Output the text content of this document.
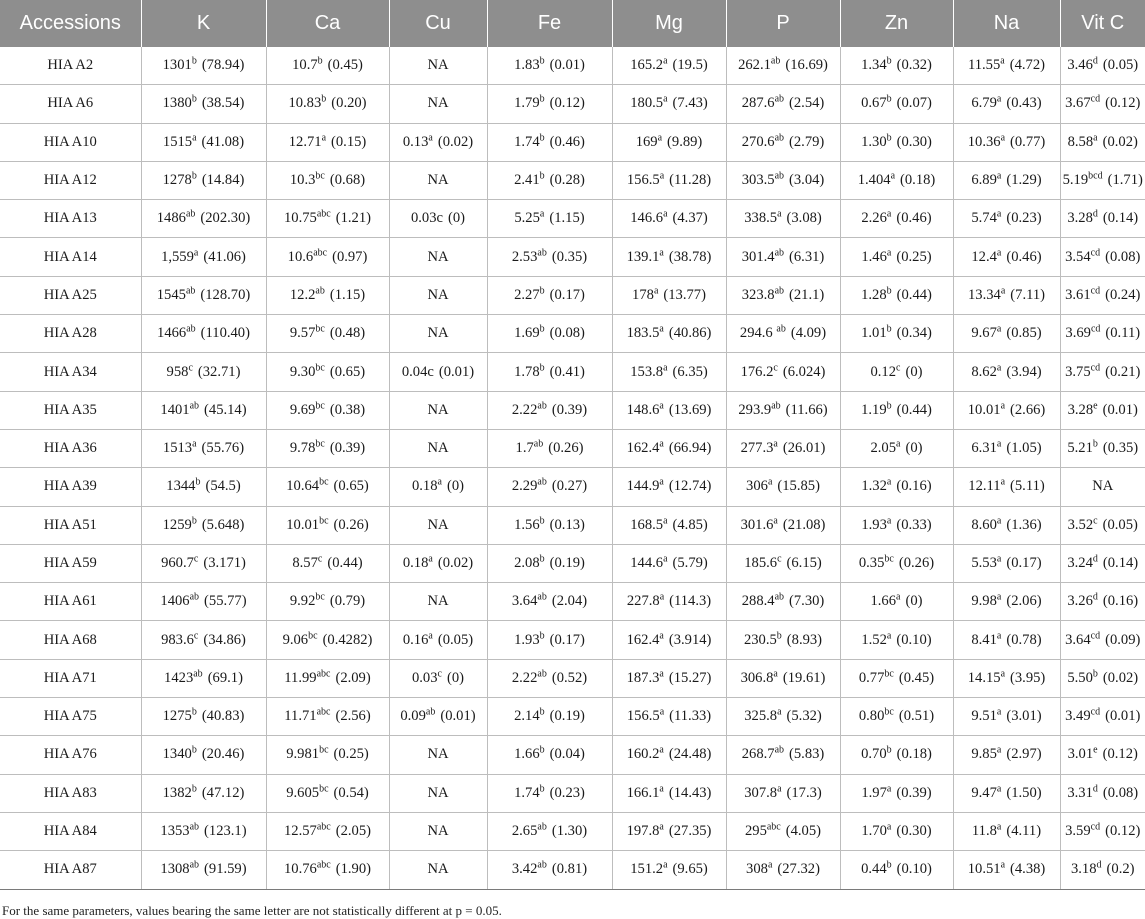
Accessions	K	Ca	Cu	Fe	Mg	P	Zn	Na	Vit C
HIA A2	1301$^b$ (78.94)	10.7$^b$ (0.45)	NA	1.83$^b$ (0.01)	165.2$^a$ (19.5)	262.1$^{ab}$ (16.69)	1.34$^b$ (0.32)	11.55$^a$ (4.72)	3.46$^d$ (0.05)
HIA A6	1380$^b$ (38.54)	10.83$^b$ (0.20)	NA	1.79$^b$ (0.12)	180.5$^a$ (7.43)	287.6$^{ab}$ (2.54)	0.67$^b$ (0.07)	6.79$^a$ (0.43)	3.67$^{cd}$ (0.12)
HIA A10	1515$^a$ (41.08)	12.71$^a$ (0.15)	0.13$^a$ (0.02)	1.74$^b$ (0.46)	169$^a$ (9.89)	270.6$^{ab}$ (2.79)	1.30$^b$ (0.30)	10.36$^a$ (0.77)	8.58$^a$ (0.02)
HIA A12	1278$^b$ (14.84)	10.3$^{bc}$ (0.68)	NA	2.41$^b$ (0.28)	156.5$^a$ (11.28)	303.5$^{ab}$ (3.04)	1.404$^a$ (0.18)	6.89$^a$ (1.29)	5.19$^{bcd}$ (1.71)
HIA A13	$1486^{ab}$ (202.30)	10.75$^{abc}$ (1.21)	0.03c (0)	5.25$^a$ (1.15)	146.6$^a$ (4.37)	338.5$^a$ (3.08)	2.26$^a$ (0.46)	5.74$^a$ (0.23)	3.28$^d$ (0.14)
HIA A14	1,559$^a$ (41.06)	10.6$^{abc}$ (0.97)	NA	2.53$^{ab}$ (0.35)	139.1$^a$ (38.78)	301.4$^{ab}$ (6.31)	1.46$^a$ (0.25)	12.4$^a$ (0.46)	3.54$^{cd}$ (0.08)
HIA A25	$1545^{ab}$ (128.70)	12.2$^{ab}$ (1.15)	NA	2.27$^b$ (0.17)	178$^a$ (13.77)	323.8$^{ab}$ (21.1)	1.28$^b$ (0.44)	13.34$^a$ (7.11)	3.61$^{cd}$ (0.24)
HIA A28	$1466^{ab}$ (110.40)	9.57$^{bc}$ (0.48)	NA	1.69$^b$ (0.08)	183.5$^a$ (40.86)	294.6 $^{ab}$ (4.09)	1.01$^b$ (0.34)	9.67$^a$ (0.85)	3.69$^{cd}$ (0.11)
HIA A34	958$^c$ (32.71)	9.30$^{bc}$ (0.65)	0.04c (0.01)	1.78$^b$ (0.41)	153.8$^a$ (6.35)	176.2$^c$ (6.024)	0.12$^c$ (0)	8.62$^a$ (3.94)	3.75$^{cd}$ (0.21)
HIA A35	$1401^{ab}$ (45.14)	9.69$^{bc}$ (0.38)	NA	2.22$^{ab}$ (0.39)	148.6$^a$ (13.69)	293.9$^{ab}$ (11.66)	1.19$^b$ (0.44)	10.01$^a$ (2.66)	3.28e (0.01)
HIA A36	1513$^a$ (55.76)	9.78$^{bc}$ (0.39)	NA	1.7$^{ab}$ (0.26)	162.4$^a$ (66.94)	277.3$^a$ (26.01)	2.05$^a$ (0)	6.31$^a$ (1.05)	5.21$^b$ (0.35)
HIA A39	1344$^b$ (54.5)	10.64$^{bc}$ (0.65)	0.18$^a$ (0)	2.29$^{ab}$ (0.27)	144.9$^a$ (12.74)	306$^a$ (15.85)	1.32$^a$ (0.16)	12.11$^a$ (5.11)	NA
HIA A51	1259$^b$ (5.648)	10.01$^{bc}$ (0.26)	NA	1.56$^b$ (0.13)	168.5$^a$ (4.85)	301.6$^a$ (21.08)	1.93$^a$ (0.33)	8.60$^a$ (1.36)	3.52$^c$ (0.05)
HIA A59	960.7$^c$ (3.171)	8.57$^c$ (0.44)	0.18$^a$ (0.02)	2.08$^b$ (0.19)	144.6$^a$ (5.79)	185.6$^c$ (6.15)	0.35$^{bc}$ (0.26)	5.53$^a$ (0.17)	3.24$^d$ (0.14)
HIA A61	$1406^{ab}$ (55.77)	9.92$^{bc}$ (0.79)	NA	3.64$^{ab}$ (2.04)	227.8$^a$ (114.3)	288.4$^{ab}$ (7.30)	1.66$^a$ (0)	9.98$^a$ (2.06)	3.26$^d$ (0.16)
HIA A68	983.6$^c$ (34.86)	9.06$^{bc}$ (0.4282)	0.16$^a$ (0.05)	1.93$^b$ (0.17)	162.4$^a$ (3.914)	230.5$^b$ (8.93)	1.52$^a$ (0.10)	8.41$^a$ (0.78)	3.64$^{cd}$ (0.09)
HIA A71	$1423^{ab}$ (69.1)	11.99$^{abc}$ (2.09)	0.03$^c$ (0)	2.22$^{ab}$ (0.52)	187.3$^a$ (15.27)	306.8$^a$ (19.61)	0.77$^{bc}$ (0.45)	14.15$^a$ (3.95)	5.50$^b$ (0.02)
HIA A75	1275$^b$ (40.83)	11.71$^{abc}$ (2.56)	0.09$^{ab}$ (0.01)	2.14$^b$ (0.19)	156.5$^a$ (11.33)	325.8$^a$ (5.32)	0.80$^{bc}$ (0.51)	9.51$^a$ (3.01)	3.49$^{cd}$ (0.01)
HIA A76	1340$^b$ (20.46)	9.981$^{bc}$ (0.25)	NA	1.66$^b$ (0.04)	160.2$^a$ (24.48)	268.7$^{ab}$ (5.83)	0.70$^b$ (0.18)	9.85$^a$ (2.97)	3.01e (0.12)
HIA A83	1382$^b$ (47.12)	9.605$^{bc}$ (0.54)	NA	1.74$^b$ (0.23)	166.1$^a$ (14.43)	307.8$^a$ (17.3)	1.97$^a$ (0.39)	9.47$^a$ (1.50)	3.31$^d$ (0.08)
HIA A84	$1353^{ab}$ (123.1)	12.57$^{abc}$ (2.05)	NA	2.65$^{ab}$ (1.30)	197.8$^a$ (27.35)	$295^{abc}$ (4.05)	1.70$^a$ (0.30)	11.8$^a$ (4.11)	3.59$^{cd}$ (0.12)
HIA A87	$1308^{ab}$ (91.59)	10.76$^{abc}$ (1.90)	NA	3.42$^{ab}$ (0.81)	151.2$^a$ (9.65)	308$^a$ (27.32)	0.44$^b$ (0.10)	10.51$^a$ (4.38)	3.18$^d$ (0.2)
For the same parameters, values bearing the same letter are not statistically different at p = 0.05.
